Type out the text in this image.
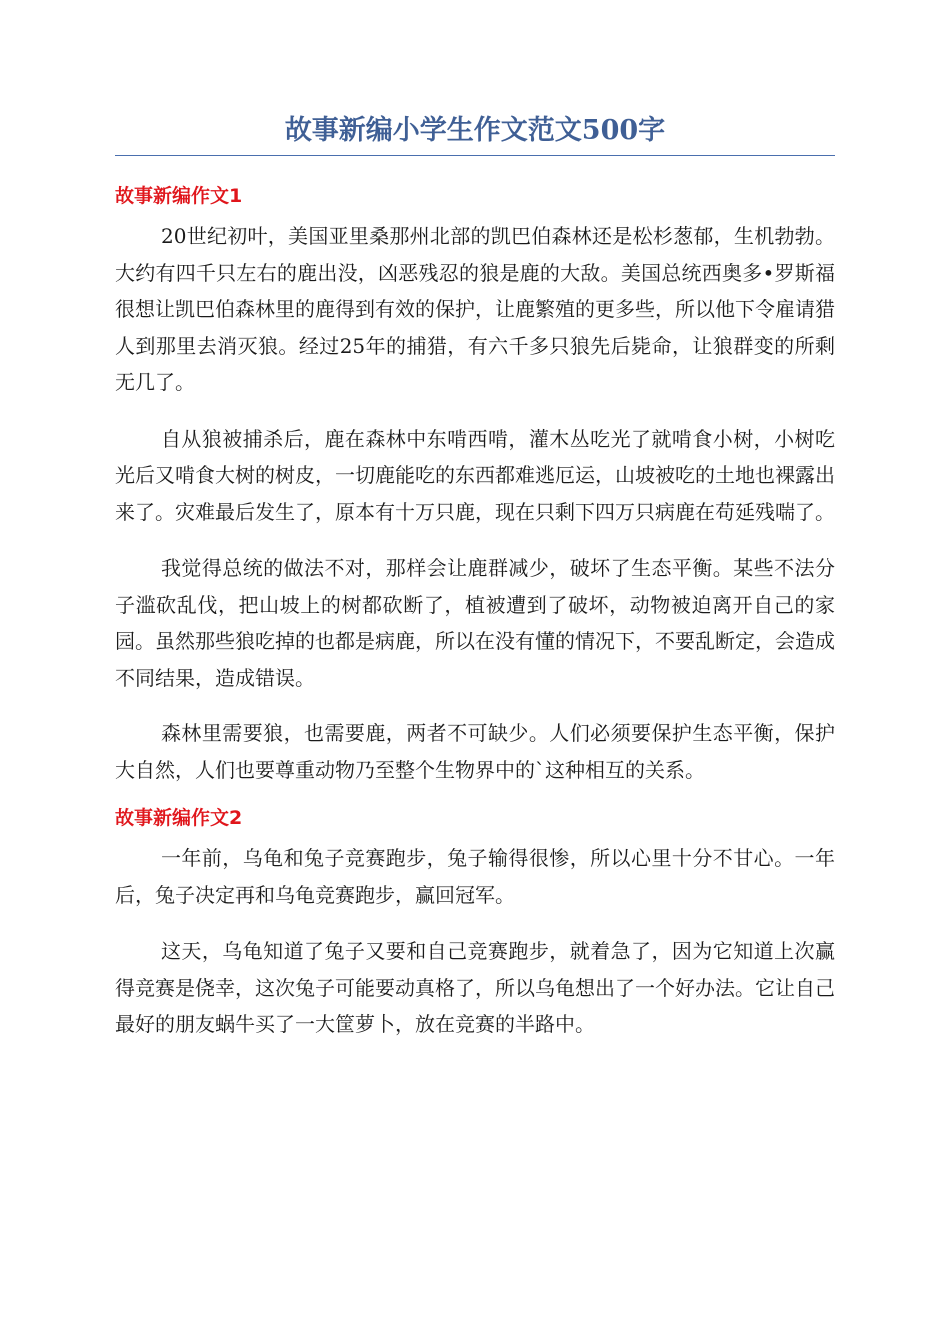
故事新编小学生作文范文500字
故事新编作文1

20世纪初叶，美国亚里桑那州北部的凯巴伯森林还是松杉葱郁，生机勃勃。大约有四千只左右的鹿出没，凶恶残忍的狼是鹿的大敌。美国总统西奥多•罗斯福很想让凯巴伯森林里的鹿得到有效的保护，让鹿繁殖的更多些，所以他下令雇请猎人到那里去消灭狼。经过25年的捕猎，有六千多只狼先后毙命，让狼群变的所剩无几了。

自从狼被捕杀后，鹿在森林中东啃西啃，灌木丛吃光了就啃食小树，小树吃光后又啃食大树的树皮，一切鹿能吃的东西都难逃厄运，山坡被吃的土地也裸露出来了。灾难最后发生了，原本有十万只鹿，现在只剩下四万只病鹿在苟延残喘了。

我觉得总统的做法不对，那样会让鹿群减少，破坏了生态平衡。某些不法分子滥砍乱伐，把山坡上的树都砍断了，植被遭到了破坏，动物被迫离开自己的家园。虽然那些狼吃掉的也都是病鹿，所以在没有懂的情况下，不要乱断定，会造成不同结果，造成错误。

森林里需要狼，也需要鹿，两者不可缺少。人们必须要保护生态平衡，保护大自然，人们也要尊重动物乃至整个生物界中的`这种相互的关系。

故事新编作文2

一年前，乌龟和兔子竞赛跑步，兔子输得很惨，所以心里十分不甘心。一年后，兔子决定再和乌龟竞赛跑步，赢回冠军。

这天，乌龟知道了兔子又要和自己竞赛跑步，就着急了，因为它知道上次赢得竞赛是侥幸，这次兔子可能要动真格了，所以乌龟想出了一个好办法。它让自己最好的朋友蜗牛买了一大筐萝卜，放在竞赛的半路中。
